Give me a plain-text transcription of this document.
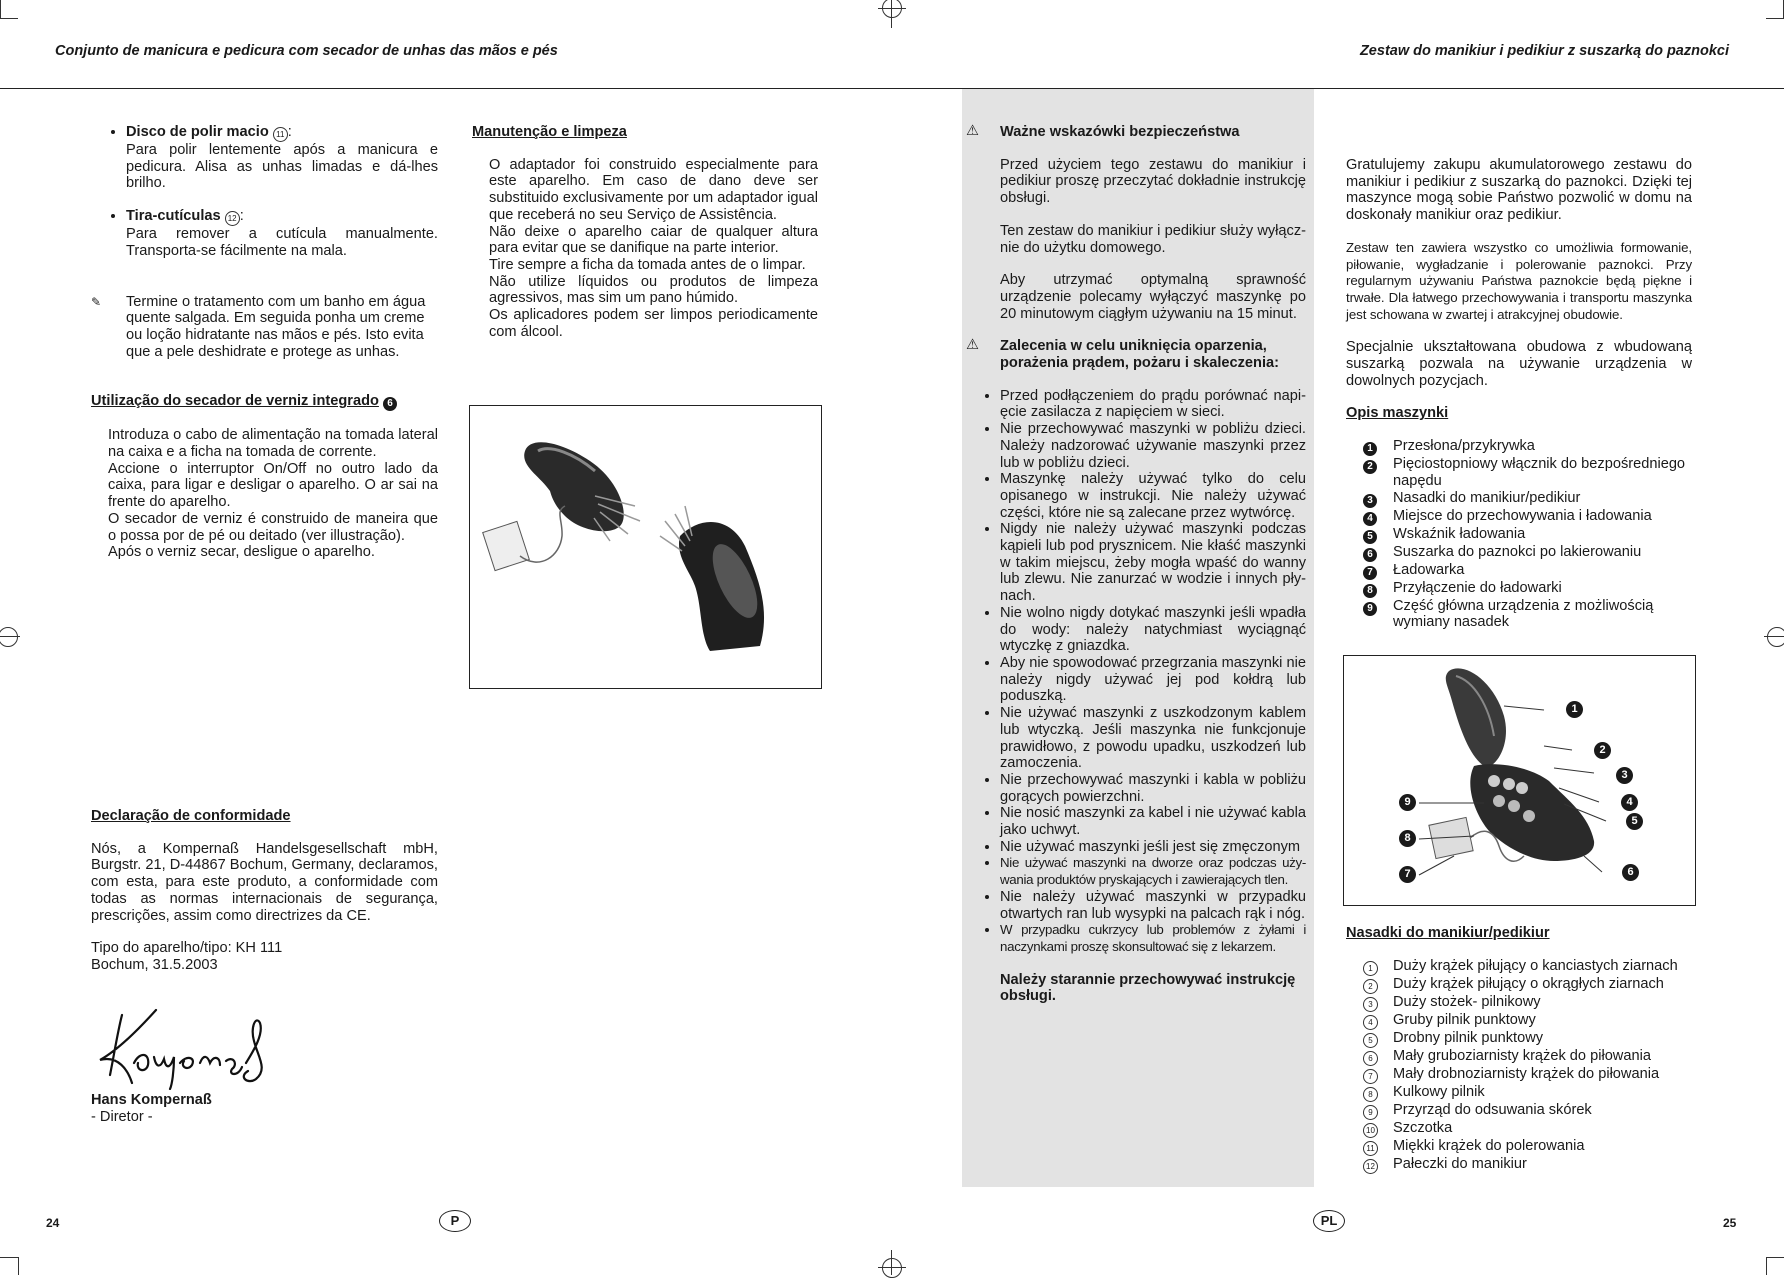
Conjunto de manicura e pedicura com secador de unhas das mãos e pés	Zestaw do manikiur i pedikiur z suszarką do paznokci
• Disco de polir macio 11 :

Para polir lentemente após a manicura e pedicura. Alisa as unhas limadas e dá-lhes brilho.
• Tira-cutículas 12 :

Para remover a cutícula manualmente. Transporta-se fácilmente na mala.
✎ Termine o tratamento com um banho em água quente salgada. Em seguida ponha um creme ou loção hidratante nas mãos e pés. Isto evita que a pele deshidrate e protege as unhas.
Utilização do secador de verniz integrado 6
Introduza o cabo de alimentação na tomada lateral na caixa e a ficha na tomada de corrente.
Accione o interruptor On/Off no outro lado da caixa, para ligar e desligar o aparelho. O ar sai na frente do aparelho.
O secador de verniz é construido de maneira que o possa por de pé ou deitado (ver illustração).
Após o verniz secar, desligue o aparelho.
Declaração de conformidade
Nós, a Kompernaß Handelsgesellschaft mbH, Burgstr. 21, D-44867 Bochum, Germany, declaramos, com esta, para este produto, a conformidade com todas as normas internacionais de segurança, prescrições, assim como directrizes da CE.
Tipo do aparelho/tipo: KH 111
Bochum, 31.5.2003
Hans Kompernaß
- Diretor -
Manutenção e limpeza
O adaptador foi construido especialmente para este aparelho. Em caso de dano deve ser substituido exclusivamente por um adaptador igual que receberá no seu Serviço de Assistência.
Não deixe o aparelho caiar de qualquer altura para evitar que se danifique na parte interior.
Tire sempre a ficha da tomada antes de o limpar.
Não utilize líquidos ou produtos de limpeza agressivos, mas sim um pano húmido.
Os aplicadores podem ser limpos periodicamente com álcool.
⚠ Ważne wskazówki bezpieczeństwa
Przed użyciem tego zestawu do manikiur i pedikiur proszę przeczytać dokładnie instrukcję obsługi.
Ten zestaw do manikiur i pedikiur służy wyłącz-nie do użytku domowego.
Aby utrzymać optymalną sprawność urządzenie polecamy wyłączyć maszynkę po 20 minutowym ciągłym używaniu na 15 minut.
⚠ Zalecenia w celu uniknięcia oparzenia, porażenia prądem, pożaru i skaleczenia:
• Przed podłączeniem do prądu porównać napi-ęcie zasilacza z napięciem w sieci.
• Nie przechowywać maszynki w pobliżu dzieci. Należy nadzorować używanie maszynki przez lub w pobliżu dzieci.
• Maszynkę należy używać tylko do celu opisanego w instrukcji. Nie należy używać części, które nie są zalecane przez wytwórcę.
• Nigdy nie należy używać maszynki podczas kąpieli lub pod prysznicem. Nie kłaść maszynki w takim miejscu, żeby mogła wpaść do wanny lub zlewu. Nie zanurzać w wodzie i innych pły-nach.
• Nie wolno nigdy dotykać maszynki jeśli wpadła do wody: należy natychmiast wyciągnąć wtyczkę z gniazdka.
• Aby nie spowodować przegrzania maszynki nie należy nigdy używać jej pod kołdrą lub poduszką.
• Nie używać maszynki z uszkodzonym kablem lub wtyczką. Jeśli maszynka nie funkcjonuje prawidłowo, z powodu upadku, uszkodzeń lub zamoczenia.
• Nie przechowywać maszynki i kabla w pobliżu gorących powierzchni.
• Nie nosić maszynki za kabel i nie używać kabla jako uchwyt.
• Nie używać maszynki jeśli jest się zmęczonym
• Nie używać maszynki na dworze oraz podczas uży-wania produktów pryskających i zawierających tlen.
• Nie należy używać maszynki w przypadku otwartych ran lub wysypki na palcach rąk i nóg.
• W przypadku cukrzycy lub problemów z żyłami i naczynkami proszę skonsultować się z lekarzem.
Należy starannie przechowywać instrukcję obsługi.
Gratulujemy zakupu akumulatorowego zestawu do manikiur i pedikiur z suszarką do paznokci. Dzięki tej maszynce mogą sobie Państwo pozwolić w domu na doskonały manikiur oraz pedikiur.
Zestaw ten zawiera wszystko co umożliwia formowanie, piłowanie, wygładzanie i polerowanie paznokci. Przy regularnym używaniu Państwa paznokcie będą piękne i trwałe. Dla łatwego przechowywania i transportu maszynka jest schowana w zwartej i atrakcyjnej obudowie.
Specjalnie ukształtowana obudowa z wbudowaną suszarką pozwala na używanie urządzenia w dowolnych pozycjach.
Opis maszynki
1	Przesłona/przykrywka
2	Pięciostopniowy włącznik do bezpośredniego napędu
3	Nasadki do manikiur/pedikiur
4	Miejsce do przechowywania i ładowania
5	Wskaźnik ładowania
6	Suszarka do paznokci po lakierowaniu
7	Ładowarka
8	Przyłączenie do ładowarki
9	Część główna urządzenia z możliwością wymiany nasadek
1
2
3
4
5
6
7
8
9
Nasadki do manikiur/pedikiur
1	Duży krążek piłujący o kanciastych ziarnach
2	Duży krążek piłujący o okrągłych ziarnach
3	Duży stożek- pilnikowy
4	Gruby pilnik punktowy
5	Drobny pilnik punktowy
6	Mały gruboziarnisty krążek do piłowania
7	Mały drobnoziarnisty krążek do piłowania
8	Kulkowy pilnik
9	Przyrząd do odsuwania skórek
10	Szczotka
11	Miękki krążek do polerowania
12	Pałeczki do manikiur
24	P	PL	25
